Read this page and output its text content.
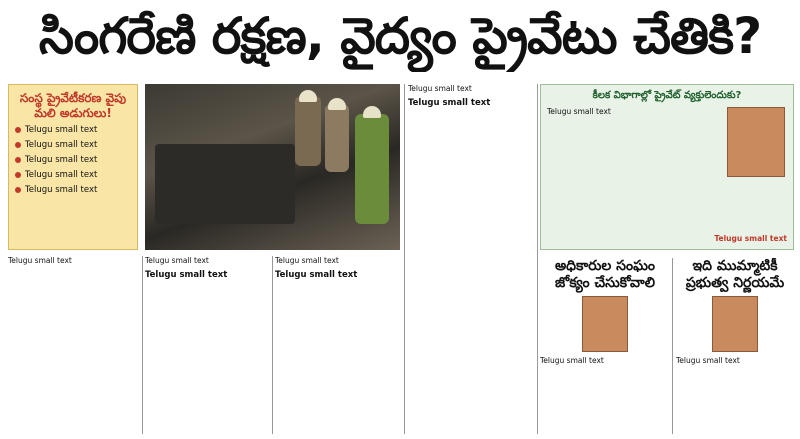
సింగరేణి రక్షణ, వైద్యం ప్రైవేటు చేతికి?
సంస్థ ప్రైవేటీకరణ వైపు మలి అడుగులు!
Telugu small text
Telugu small text
Telugu small text
Telugu small text
Telugu small text
కీలక విభాగాల్లో ప్రైవేట్ వ్యక్తులెందుకు?
Telugu small text
Telugu small text
Telugu small text	Telugu small text
Telugu small text
Telugu small text
Telugu small text
Telugu small text
Telugu small text
అధికారుల సంఘం జోక్యం చేసుకోవాలి
Telugu small text
ఇది ముమ్మాటికీ ప్రభుత్వ నిర్ణయమే
Telugu small text
